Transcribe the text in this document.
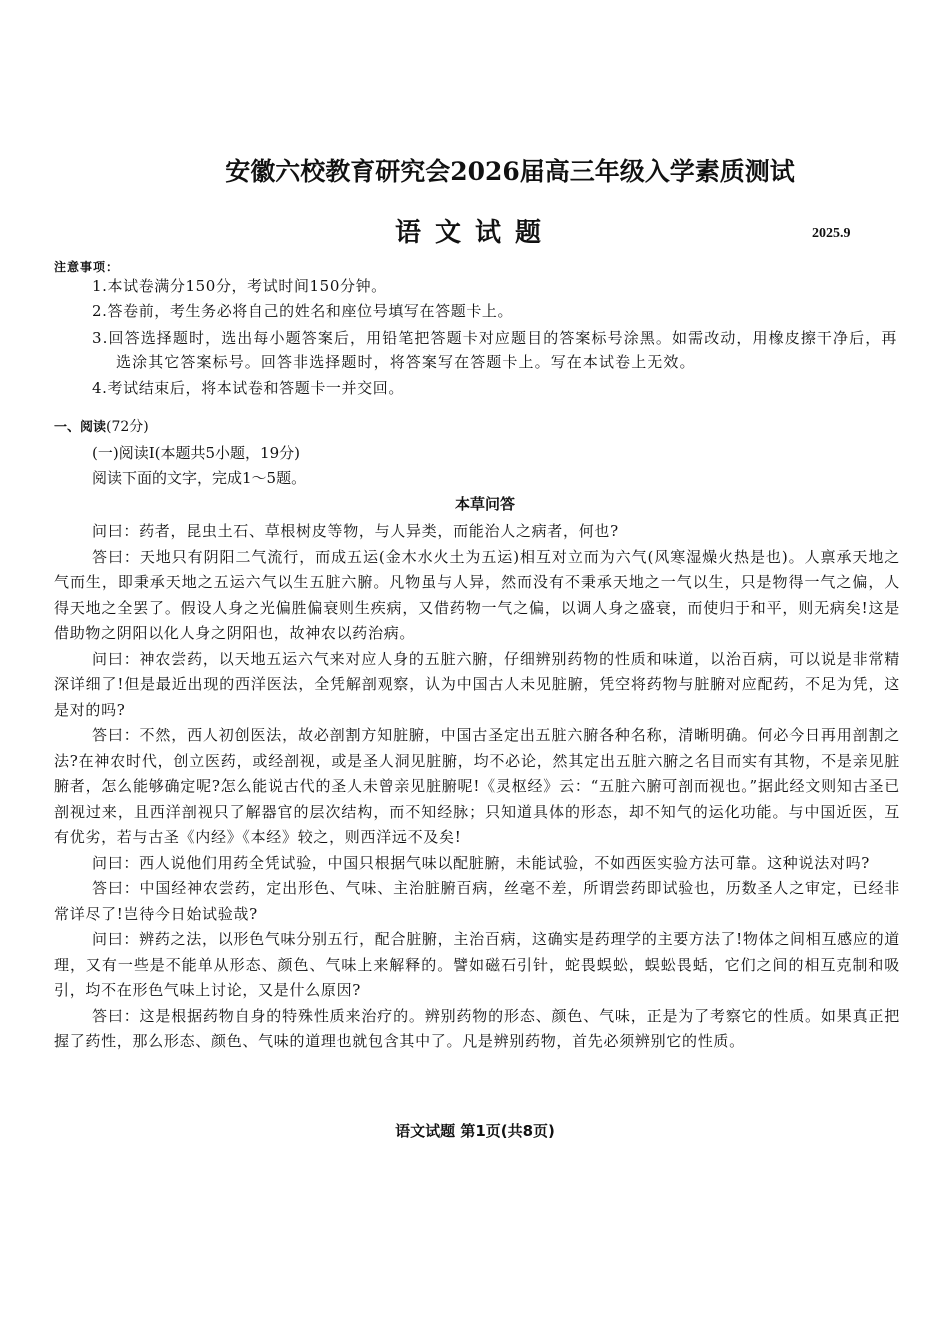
安徽六校教育研究会2026届高三年级入学素质测试
语文试题	2025.9
注意事项：
1.本试卷满分150分，考试时间150分钟。
2.答卷前，考生务必将自己的姓名和座位号填写在答题卡上。
3.回答选择题时，选出每小题答案后，用铅笔把答题卡对应题目的答案标号涂黑。如需改动，用橡皮擦干净后，再选涂其它答案标号。回答非选择题时，将答案写在答题卡上。写在本试卷上无效。
4.考试结束后，将本试卷和答题卡一并交回。
一、阅读(72分)
(一)阅读Ⅰ(本题共5小题，19分)
阅读下面的文字，完成1～5题。
本草问答

问曰：药者，昆虫土石、草根树皮等物，与人异类，而能治人之病者，何也?

答曰：天地只有阴阳二气流行，而成五运(金木水火土为五运)相互对立而为六气(风寒湿燥火热是也)。人禀承天地之气而生，即秉承天地之五运六气以生五脏六腑。凡物虽与人异，然而没有不秉承天地之一气以生，只是物得一气之偏，人得天地之全罢了。假设人身之光偏胜偏衰则生疾病，又借药物一气之偏，以调人身之盛衰，而使归于和平，则无病矣!这是借助物之阴阳以化人身之阴阳也，故神农以药治病。

问曰：神农尝药，以天地五运六气来对应人身的五脏六腑，仔细辨别药物的性质和味道，以治百病，可以说是非常精深详细了!但是最近出现的西洋医法，全凭解剖观察，认为中国古人未见脏腑，凭空将药物与脏腑对应配药，不足为凭，这是对的吗?

答曰：不然，西人初创医法，故必剖割方知脏腑，中国古圣定出五脏六腑各种名称，清晰明确。何必今日再用剖割之法?在神农时代，创立医药，或经剖视，或是圣人洞见脏腑，均不必论，然其定出五脏六腑之名目而实有其物，不是亲见脏腑者，怎么能够确定呢?怎么能说古代的圣人未曾亲见脏腑呢!《灵枢经》云：“五脏六腑可剖而视也。”据此经文则知古圣已剖视过来，且西洋剖视只了解器官的层次结构，而不知经脉；只知道具体的形态，却不知气的运化功能。与中国近医，互有优劣，若与古圣《内经》《本经》较之，则西洋远不及矣!

问曰：西人说他们用药全凭试验，中国只根据气味以配脏腑，未能试验，不如西医实验方法可靠。这种说法对吗?

答曰：中国经神农尝药，定出形色、气味、主治脏腑百病，丝毫不差，所谓尝药即试验也，历数圣人之审定，已经非常详尽了!岂待今日始试验哉?

问曰：辨药之法，以形色气味分别五行，配合脏腑，主治百病，这确实是药理学的主要方法了!物体之间相互感应的道理，又有一些是不能单从形态、颜色、气味上来解释的。譬如磁石引针，蛇畏蜈蚣，蜈蚣畏蛞，它们之间的相互克制和吸引，均不在形色气味上讨论，又是什么原因?

答曰：这是根据药物自身的特殊性质来治疗的。辨别药物的形态、颜色、气味，正是为了考察它的性质。如果真正把握了药性，那么形态、颜色、气味的道理也就包含其中了。凡是辨别药物，首先必须辨别它的性质。

语文试题 第1页(共8页)
